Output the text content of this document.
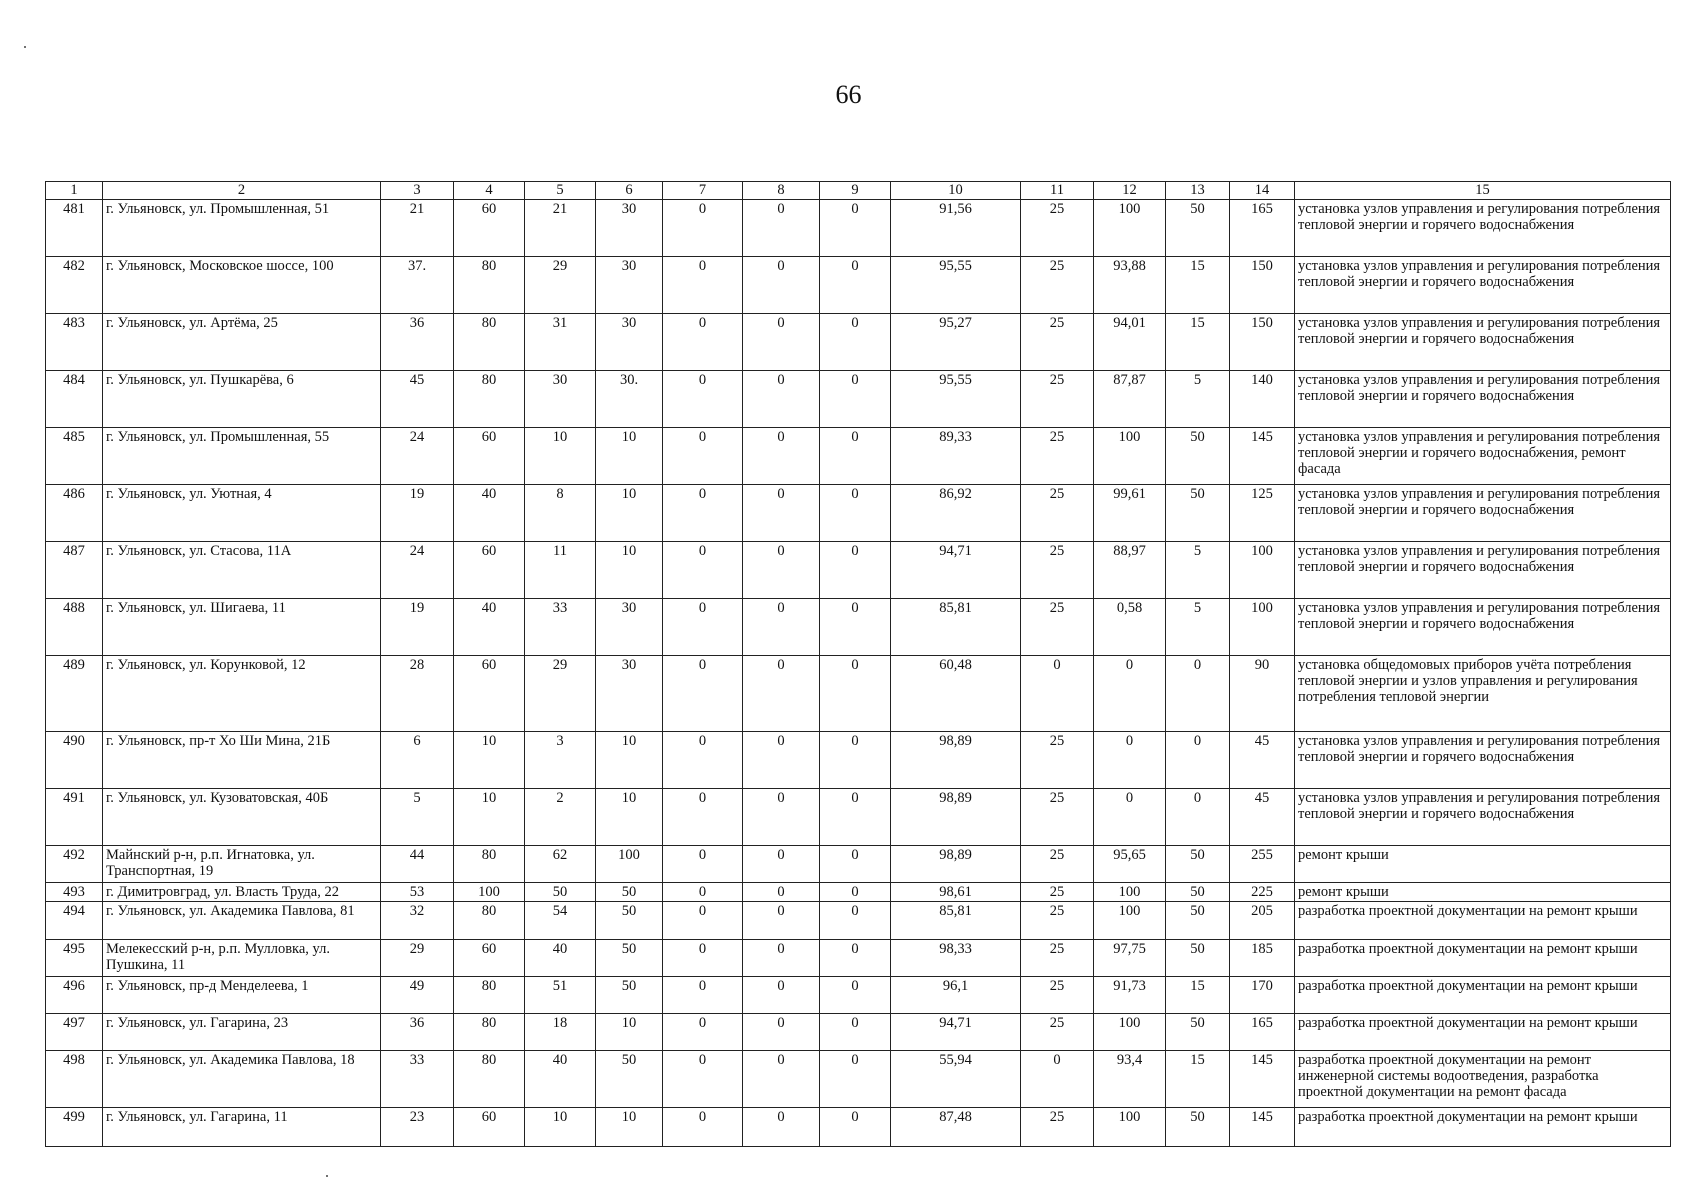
66
1	2	3	4	5	6	7	8	9	10	11	12	13	14	15
481	г. Ульяновск, ул. Промышленная, 51	21	60	21	30	0	0	0	91,56	25	100	50	165	установка узлов управления и регулирования потребления тепловой энергии и горячего водоснабжения
482	г. Ульяновск, Московское шоссе, 100	37.	80	29	30	0	0	0	95,55	25	93,88	15	150	установка узлов управления и регулирования потребления тепловой энергии и горячего водоснабжения
483	г. Ульяновск, ул. Артёма, 25	36	80	31	30	0	0	0	95,27	25	94,01	15	150	установка узлов управления и регулирования потребления тепловой энергии и горячего водоснабжения
484	г. Ульяновск, ул. Пушкарёва, 6	45	80	30	30.	0	0	0	95,55	25	87,87	5	140	установка узлов управления и регулирования потребления тепловой энергии и горячего водоснабжения
485	г. Ульяновск, ул. Промышленная, 55	24	60	10	10	0	0	0	89,33	25	100	50	145	установка узлов управления и регулирования потребления тепловой энергии и горячего водоснабжения, ремонт фасада
486	г. Ульяновск, ул. Уютная, 4	19	40	8	10	0	0	0	86,92	25	99,61	50	125	установка узлов управления и регулирования потребления тепловой энергии и горячего водоснабжения
487	г. Ульяновск, ул. Стасова, 11А	24	60	11	10	0	0	0	94,71	25	88,97	5	100	установка узлов управления и регулирования потребления тепловой энергии и горячего водоснабжения
488	г. Ульяновск, ул. Шигаева, 11	19	40	33	30	0	0	0	85,81	25	0,58	5	100	установка узлов управления и регулирования потребления тепловой энергии и горячего водоснабжения
489	г. Ульяновск, ул. Корунковой, 12	28	60	29	30	0	0	0	60,48	0	0	0	90	установка общедомовых приборов учёта потребления тепловой энергии и узлов управления и регулирования потребления тепловой энергии
490	г. Ульяновск, пр-т Хо Ши Мина, 21Б	6	10	3	10	0	0	0	98,89	25	0	0	45	установка узлов управления и регулирования потребления тепловой энергии и горячего водоснабжения
491	г. Ульяновск, ул. Кузоватовская, 40Б	5	10	2	10	0	0	0	98,89	25	0	0	45	установка узлов управления и регулирования потребления тепловой энергии и горячего водоснабжения
492	Майнский р-н, р.п. Игнатовка, ул. Транспортная, 19	44	80	62	100	0	0	0	98,89	25	95,65	50	255	ремонт крыши
493	г. Димитровград, ул. Власть Труда, 22	53	100	50	50	0	0	0	98,61	25	100	50	225	ремонт крыши
494	г. Ульяновск, ул. Академика Павлова, 81	32	80	54	50	0	0	0	85,81	25	100	50	205	разработка проектной документации на ремонт крыши
495	Мелекесский р-н, р.п. Мулловка, ул. Пушкина, 11	29	60	40	50	0	0	0	98,33	25	97,75	50	185	разработка проектной документации на ремонт крыши
496	г. Ульяновск, пр-д Менделеева, 1	49	80	51	50	0	0	0	96,1	25	91,73	15	170	разработка проектной документации на ремонт крыши
497	г. Ульяновск, ул. Гагарина, 23	36	80	18	10	0	0	0	94,71	25	100	50	165	разработка проектной документации на ремонт крыши
498	г. Ульяновск, ул. Академика Павлова, 18	33	80	40	50	0	0	0	55,94	0	93,4	15	145	разработка проектной документации на ремонт инженерной системы водоотведения, разработка проектной документации на ремонт фасада
499	г. Ульяновск, ул. Гагарина, 11	23	60	10	10	0	0	0	87,48	25	100	50	145	разработка проектной документации на ремонт крыши
